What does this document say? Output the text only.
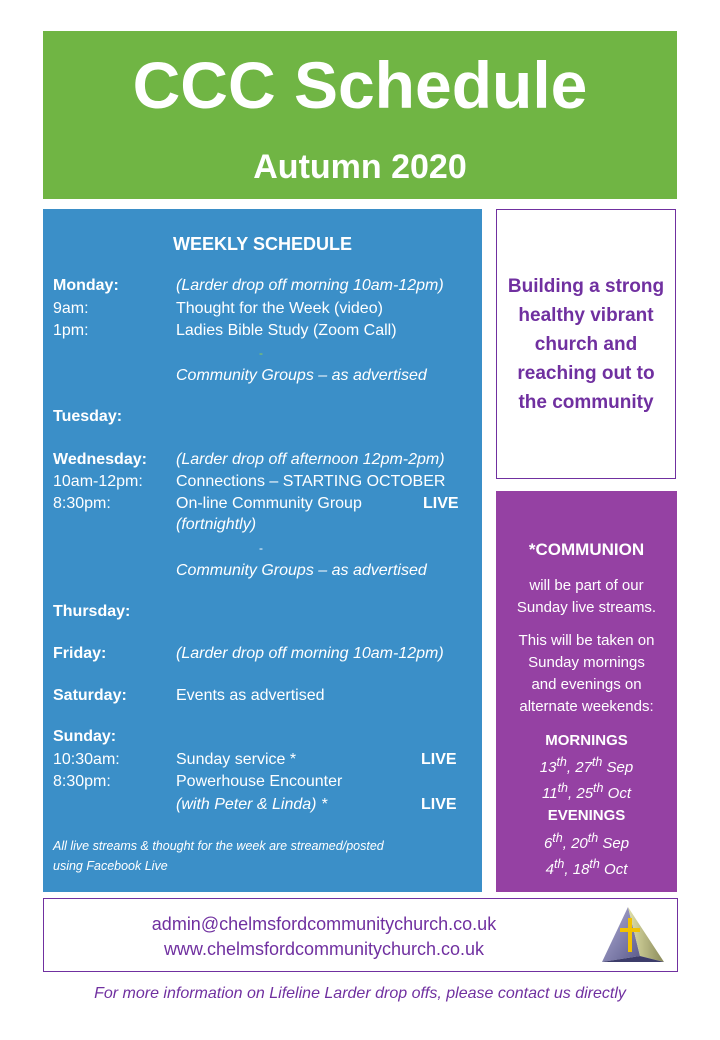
CCC Schedule
Autumn 2020
WEEKLY SCHEDULE
Monday:	(Larder drop off morning 10am-12pm)
9am:	Thought for the Week (video)
1pm:	Ladies Bible Study (Zoom Call)
-
Community Groups – as advertised
Tuesday:
Wednesday: (Larder drop off afternoon 12pm-2pm)
10am-12pm: Connections – STARTING OCTOBER
8:30pm:	On-line Community Group	LIVE
(fortnightly)
-
Community Groups – as advertised
Thursday:
Friday:	(Larder drop off morning 10am-12pm)
Saturday:	Events as advertised
Sunday:
10:30am:	Sunday service *	LIVE
8:30pm:	Powerhouse Encounter
(with Peter & Linda) *	LIVE
All live streams & thought for the week are streamed/posted
using Facebook Live
Building a strong healthy vibrant church and reaching out to the community
*COMMUNION
will be part of our
Sunday live streams.
This will be taken on
Sunday mornings
and evenings on
alternate weekends:
MORNINGS
13th, 27th Sep
11th, 25th Oct
EVENINGS
6th, 20th Sep
4th, 18th Oct
admin@chelmsfordcommunitychurch.co.uk
www.chelmsfordcommunitychurch.co.uk
For more information on Lifeline Larder drop offs, please contact us directly
